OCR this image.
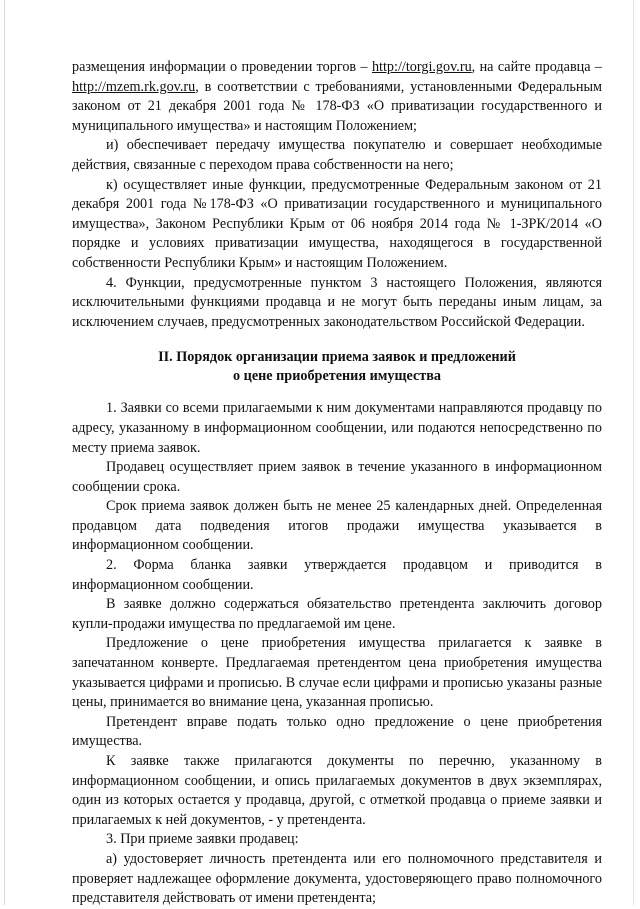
размещения информации о проведении торгов – http://torgi.gov.ru, на сайте продавца – http://mzem.rk.gov.ru, в соответствии с требованиями, установленными Федеральным законом от 21 декабря 2001 года № 178-ФЗ «О приватизации государственного и муниципального имущества» и настоящим Положением;

и) обеспечивает передачу имущества покупателю и совершает необходимые действия, связанные с переходом права собственности на него;

к) осуществляет иные функции, предусмотренные Федеральным законом от 21 декабря 2001 года №178-ФЗ «О приватизации государственного и муниципального имущества», Законом Республики Крым от 06 ноября 2014 года № 1-ЗРК/2014 «О порядке и условиях приватизации имущества, находящегося в государственной собственности Республики Крым» и настоящим Положением.

4. Функции, предусмотренные пунктом 3 настоящего Положения, являются исключительными функциями продавца и не могут быть переданы иным лицам, за исключением случаев, предусмотренных законодательством Российской Федерации.

II. Порядок организации приема заявок и предложений
о цене приобретения имущества

1. Заявки со всеми прилагаемыми к ним документами направляются продавцу по адресу, указанному в информационном сообщении, или подаются непосредственно по месту приема заявок.

Продавец осуществляет прием заявок в течение указанного в информационном сообщении срока.

Срок приема заявок должен быть не менее 25 календарных дней. Определенная продавцом дата подведения итогов продажи имущества указывается в информационном сообщении.

2. Форма бланка заявки утверждается продавцом и приводится в информационном сообщении.

В заявке должно содержаться обязательство претендента заключить договор купли-продажи имущества по предлагаемой им цене.

Предложение о цене приобретения имущества прилагается к заявке в запечатанном конверте. Предлагаемая претендентом цена приобретения имущества указывается цифрами и прописью. В случае если цифрами и прописью указаны разные цены, принимается во внимание цена, указанная прописью.

Претендент вправе подать только одно предложение о цене приобретения имущества.

К заявке также прилагаются документы по перечню, указанному в информационном сообщении, и опись прилагаемых документов в двух экземплярах, один из которых остается у продавца, другой, с отметкой продавца о приеме заявки и прилагаемых к ней документов, - у претендента.

3. При приеме заявки продавец:

а) удостоверяет личность претендента или его полномочного представителя и проверяет надлежащее оформление документа, удостоверяющего право полномочного представителя действовать от имени претендента;
